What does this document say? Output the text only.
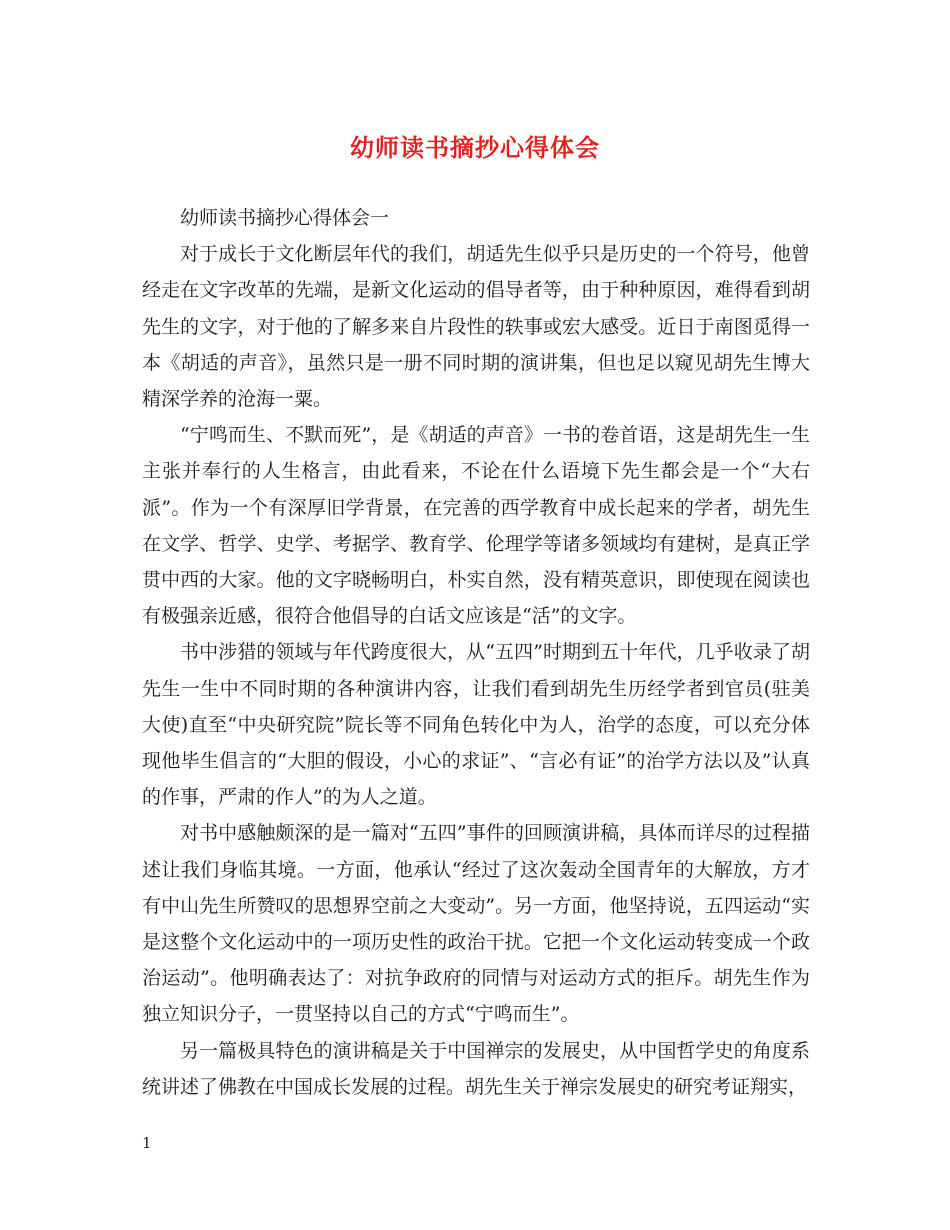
幼师读书摘抄心得体会

幼师读书摘抄心得体会一

对于成长于文化断层年代的我们，胡适先生似乎只是历史的一个符号，他曾经走在文字改革的先端，是新文化运动的倡导者等，由于种种原因，难得看到胡先生的文字，对于他的了解多来自片段性的轶事或宏大感受。近日于南图觅得一本《胡适的声音》，虽然只是一册不同时期的演讲集，但也足以窥见胡先生博大精深学养的沧海一粟。

“宁鸣而生、不默而死”，是《胡适的声音》一书的卷首语，这是胡先生一生主张并奉行的人生格言，由此看来，不论在什么语境下先生都会是一个“大右派”。作为一个有深厚旧学背景，在完善的西学教育中成长起来的学者，胡先生在文学、哲学、史学、考据学、教育学、伦理学等诸多领域均有建树，是真正学贯中西的大家。他的文字晓畅明白，朴实自然，没有精英意识，即使现在阅读也有极强亲近感，很符合他倡导的白话文应该是“活”的文字。

书中涉猎的领域与年代跨度很大，从“五四”时期到五十年代，几乎收录了胡先生一生中不同时期的各种演讲内容，让我们看到胡先生历经学者到官员(驻美大使)直至“中央研究院”院长等不同角色转化中为人，治学的态度，可以充分体现他毕生倡言的“大胆的假设，小心的求证”、“言必有证”的治学方法以及”认真的作事，严肃的作人”的为人之道。

对书中感触颇深的是一篇对“五四”事件的回顾演讲稿，具体而详尽的过程描述让我们身临其境。一方面，他承认“经过了这次轰动全国青年的大解放，方才有中山先生所赞叹的思想界空前之大变动”。另一方面，他坚持说，五四运动“实是这整个文化运动中的一项历史性的政治干扰。它把一个文化运动转变成一个政治运动”。他明确表达了：对抗争政府的同情与对运动方式的拒斥。胡先生作为独立知识分子，一贯坚持以自己的方式“宁鸣而生”。

另一篇极具特色的演讲稿是关于中国禅宗的发展史，从中国哲学史的角度系统讲述了佛教在中国成长发展的过程。胡先生关于禅宗发展史的研究考证翔实，

1
